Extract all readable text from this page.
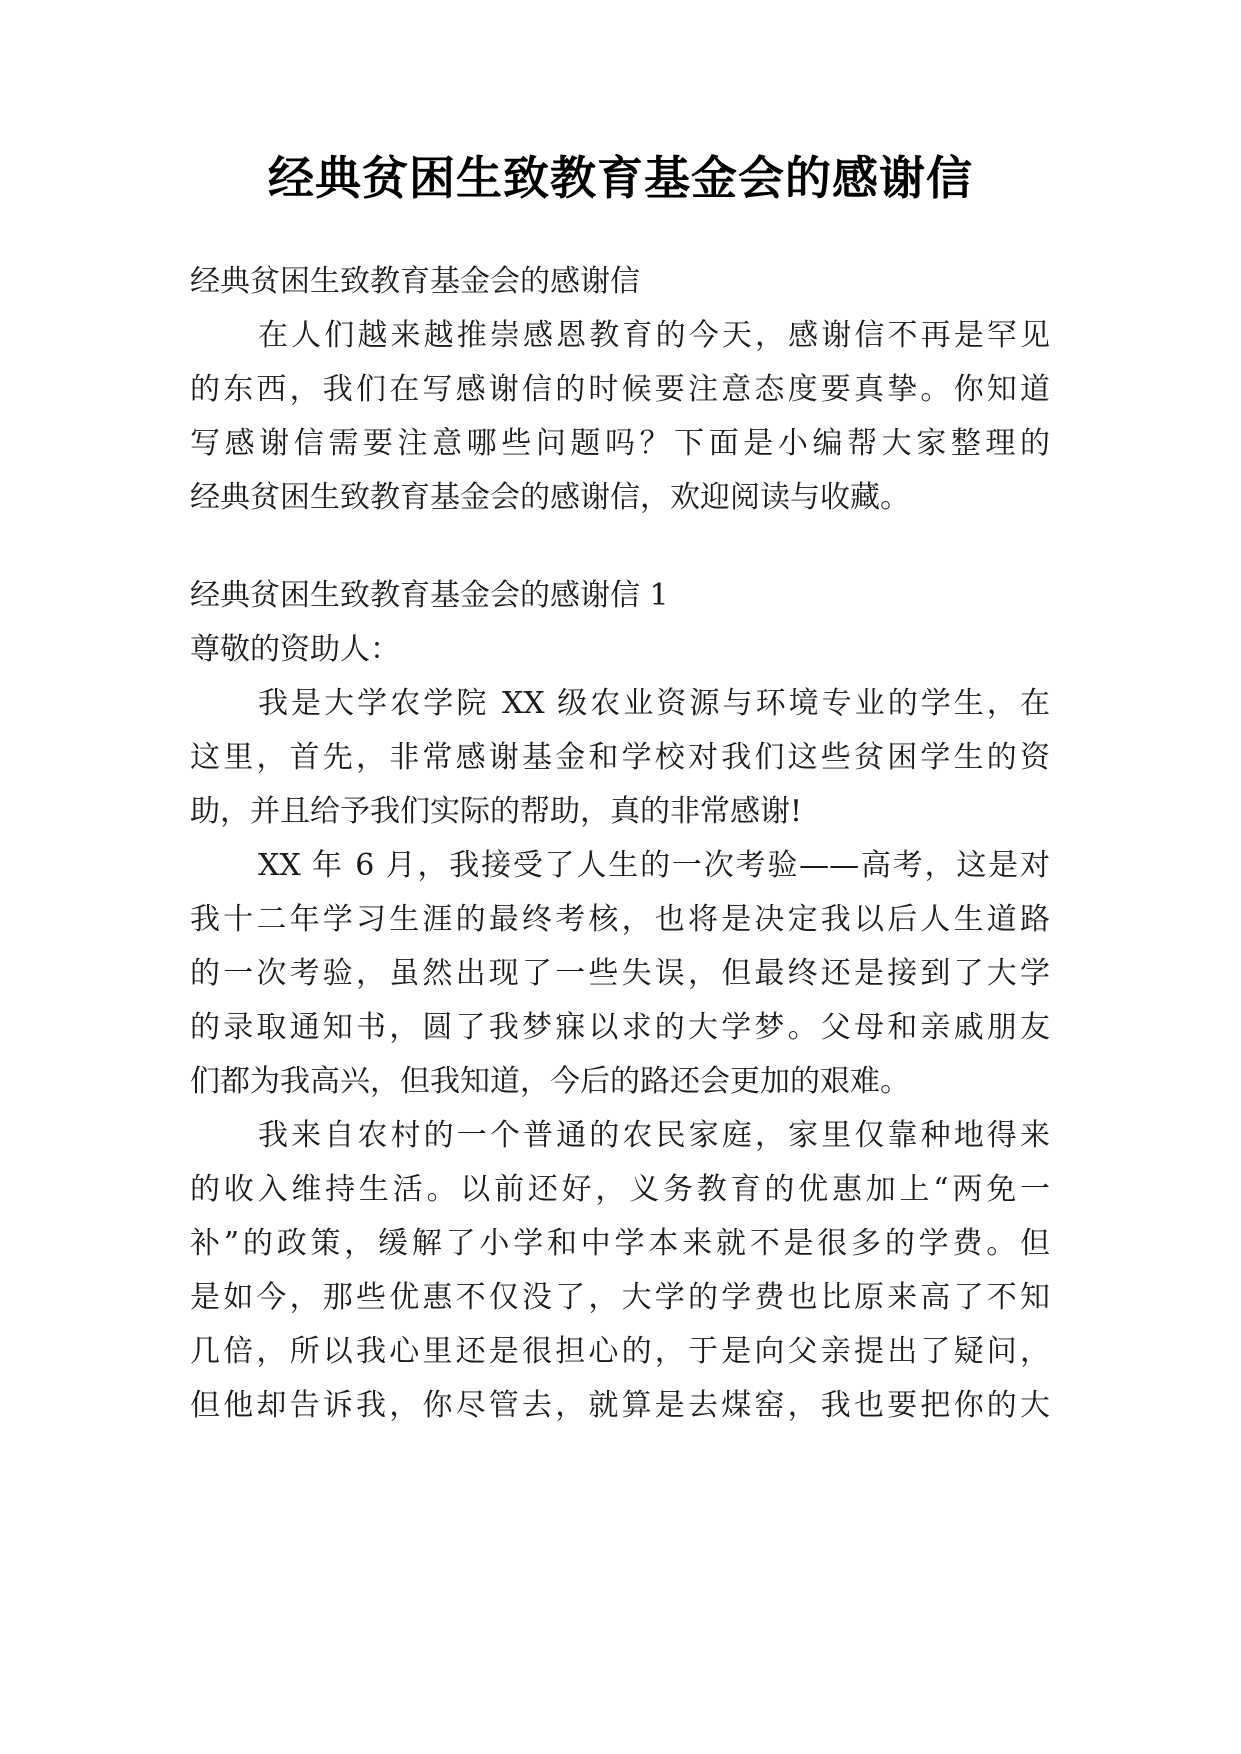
经典贫困生致教育基金会的感谢信
经典贫困生致教育基金会的感谢信
在人们越来越推崇感恩教育的今天，感谢信不再是罕见
的东西，我们在写感谢信的时候要注意态度要真挚。你知道
写感谢信需要注意哪些问题吗？下面是小编帮大家整理的
经典贫困生致教育基金会的感谢信，欢迎阅读与收藏。
经典贫困生致教育基金会的感谢信 1
尊敬的资助人：
我是大学农学院 XX 级农业资源与环境专业的学生，在
这里，首先，非常感谢基金和学校对我们这些贫困学生的资
助，并且给予我们实际的帮助，真的非常感谢!
XX 年 6 月，我接受了人生的一次考验——高考，这是对
我十二年学习生涯的最终考核，也将是决定我以后人生道路
的一次考验，虽然出现了一些失误，但最终还是接到了大学
的录取通知书，圆了我梦寐以求的大学梦。父母和亲戚朋友
们都为我高兴，但我知道，今后的路还会更加的艰难。
我来自农村的一个普通的农民家庭，家里仅靠种地得来
的收入维持生活。以前还好，义务教育的优惠加上“两免一
补”的政策，缓解了小学和中学本来就不是很多的学费。但
是如今，那些优惠不仅没了，大学的学费也比原来高了不知
几倍，所以我心里还是很担心的，于是向父亲提出了疑问，
但他却告诉我，你尽管去，就算是去煤窑，我也要把你的大
